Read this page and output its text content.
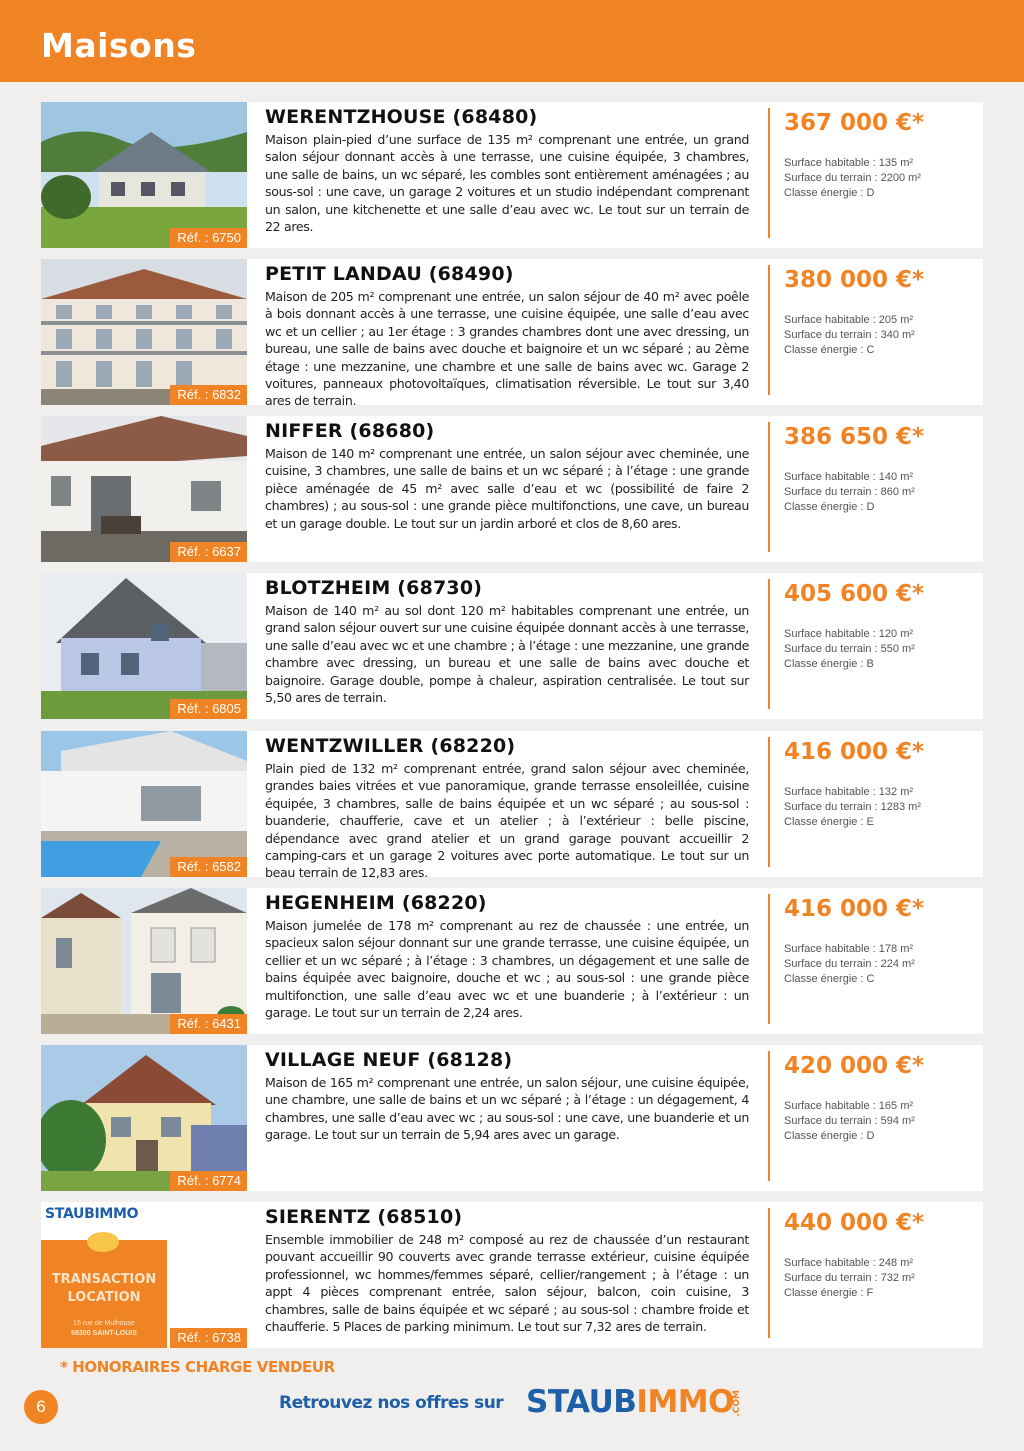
Maisons
Réf. : 6750
WERENTZHOUSE (68480)

Maison plain-pied d’une surface de 135 m² comprenant une entrée, un grand salon séjour donnant accès à une terrasse, une cuisine équipée, 3 chambres, une salle de bains, un wc séparé, les combles sont entièrement aménagées ; au sous-sol : une cave, un garage 2 voitures et un studio indépendant comprenant un salon, une kitchenette et une salle d’eau avec wc. Le tout sur un terrain de 22 ares.

367 000 €*
Surface habitable : 135 m²
Surface du terrain : 2200 m²
Classe énergie : D
Réf. : 6832
PETIT LANDAU (68490)

Maison de 205 m² comprenant une entrée, un salon séjour de 40 m² avec poêle à bois donnant accès à une terrasse, une cuisine équipée, une salle d’eau avec wc et un cellier ; au 1er étage : 3 grandes chambres dont une avec dressing, un bureau, une salle de bains avec douche et baignoire et un wc séparé ; au 2ème étage : une mezzanine, une chambre et une salle de bains avec wc. Garage 2 voitures, panneaux photovoltaïques, climatisation réversible. Le tout sur 3,40 ares de terrain.

380 000 €*
Surface habitable : 205 m²
Surface du terrain : 340 m²
Classe énergie : C
Réf. : 6637
NIFFER (68680)

Maison de 140 m² comprenant une entrée, un salon séjour avec cheminée, une cuisine, 3 chambres, une salle de bains et un wc séparé ; à l’étage : une grande pièce aménagée de 45 m² avec salle d’eau et wc (possibilité de faire 2 chambres) ; au sous-sol : une grande pièce multifonctions, une cave, un bureau et un garage double. Le tout sur un jardin arboré et clos de 8,60 ares.

386 650 €*
Surface habitable : 140 m²
Surface du terrain : 860 m²
Classe énergie : D
Réf. : 6805
BLOTZHEIM (68730)

Maison de 140 m² au sol dont 120 m² habitables comprenant une entrée, un grand salon séjour ouvert sur une cuisine équipée donnant accès à une terrasse, une salle d’eau avec wc et une chambre ; à l’étage : une mezzanine, une grande chambre avec dressing, un bureau et une salle de bains avec douche et baignoire. Garage double, pompe à chaleur, aspiration centralisée. Le tout sur 5,50 ares de terrain.

405 600 €*
Surface habitable : 120 m²
Surface du terrain : 550 m²
Classe énergie : B
Réf. : 6582
WENTZWILLER (68220)

Plain pied de 132 m² comprenant entrée, grand salon séjour avec cheminée, grandes baies vitrées et vue panoramique, grande terrasse ensoleillée, cuisine équipée, 3 chambres, salle de bains équipée et un wc séparé ; au sous-sol : buanderie, chaufferie, cave et un atelier ; à l’extérieur : belle piscine, dépendance avec grand atelier et un grand garage pouvant accueillir 2 camping-cars et un garage 2 voitures avec porte automatique. Le tout sur un beau terrain de 12,83 ares.

416 000 €*
Surface habitable : 132 m²
Surface du terrain : 1283 m²
Classe énergie : E
Réf. : 6431
HEGENHEIM (68220)

Maison jumelée de 178 m² comprenant au rez de chaussée : une entrée, un spacieux salon séjour donnant sur une grande terrasse, une cuisine équipée, un cellier et un wc séparé ; à l’étage : 3 chambres, un dégagement et une salle de bains équipée avec baignoire, douche et wc ; au sous-sol : une grande pièce multifonction, une salle d’eau avec wc et une buanderie ; à l’extérieur : un garage. Le tout sur un terrain de 2,24 ares.

416 000 €*
Surface habitable : 178 m²
Surface du terrain : 224 m²
Classe énergie : C
Réf. : 6774
VILLAGE NEUF (68128)

Maison de 165 m² comprenant une entrée, un salon séjour, une cuisine équipée, une chambre, une salle de bains et un wc séparé ; à l’étage : un dégagement, 4 chambres, une salle d’eau avec wc ; au sous-sol : une cave, une buanderie et un garage. Le tout sur un terrain de 5,94 ares avec un garage.

420 000 €*
Surface habitable : 165 m²
Surface du terrain : 594 m²
Classe énergie : D
STAUBIMMO
TRANSACTION
LOCATION
15 rue de Mulhouse
68300 SAINT-LOUIS	Réf. : 6738
SIERENTZ (68510)

Ensemble immobilier de 248 m² composé au rez de chaussée d’un restaurant pouvant accueillir 90 couverts avec grande terrasse extérieur, cuisine équipée professionnel, wc hommes/femmes séparé, cellier/rangement ; à l’étage : un appt 4 pièces comprenant entrée, salon séjour, balcon, coin cuisine, 3 chambres, salle de bains équipée et wc séparé ; au sous-sol : chambre froide et chaufferie. 5 Places de parking minimum. Le tout sur 7,32 ares de terrain.

440 000 €*
Surface habitable : 248 m²
Surface du terrain : 732 m²
Classe énergie : F
* HONORAIRES CHARGE VENDEUR
6	Retrouvez nos offres sur STAUBIMMO
.COM
